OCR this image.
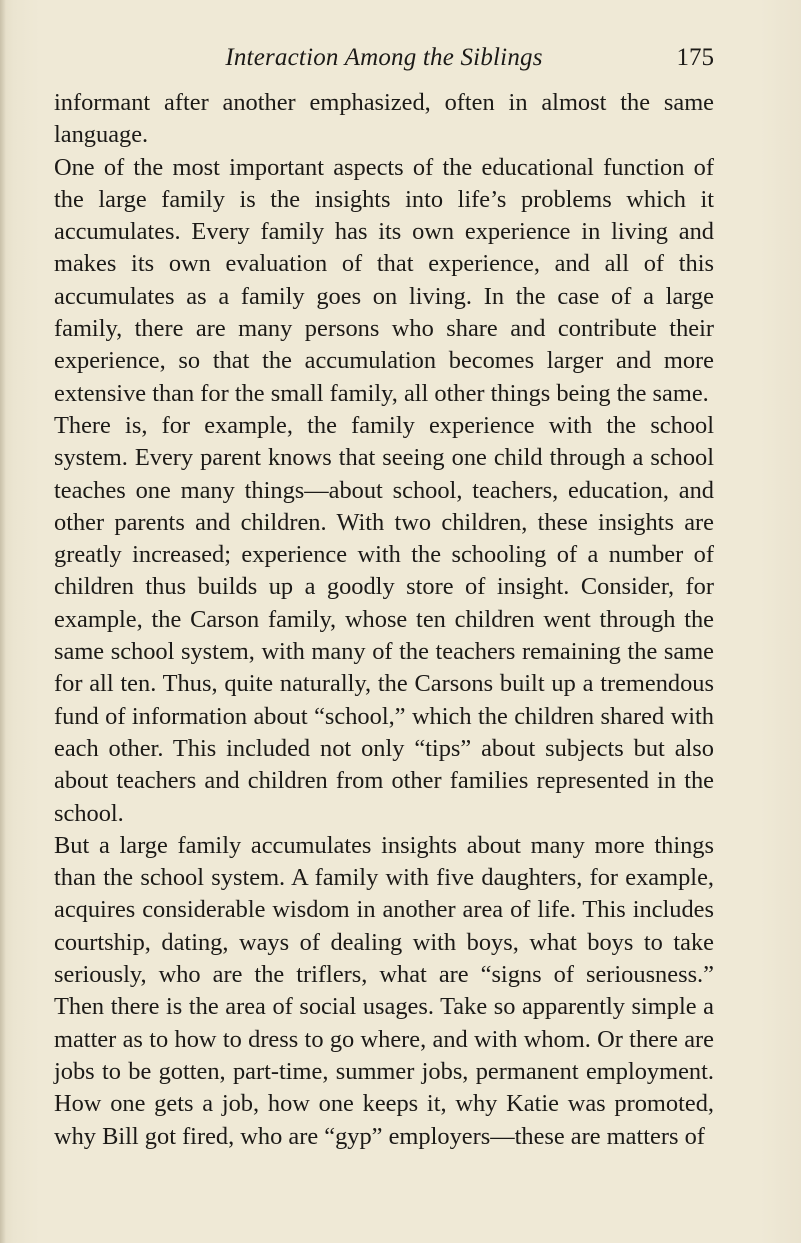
Interaction Among the Siblings	175

informant after another emphasized, often in almost the same language.

One of the most important aspects of the educational function of the large family is the insights into life’s problems which it accumulates. Every family has its own experience in living and makes its own evaluation of that experience, and all of this accumulates as a family goes on living. In the case of a large family, there are many persons who share and contribute their experience, so that the accumulation becomes larger and more extensive than for the small family, all other things being the same.

There is, for example, the family experience with the school system. Every parent knows that seeing one child through a school teaches one many things—about school, teachers, education, and other parents and children. With two children, these insights are greatly increased; experience with the schooling of a number of children thus builds up a goodly store of insight. Consider, for example, the Carson family, whose ten children went through the same school system, with many of the teachers remaining the same for all ten. Thus, quite naturally, the Carsons built up a tremendous fund of information about “school,” which the children shared with each other. This included not only “tips” about subjects but also about teachers and children from other families represented in the school.

But a large family accumulates insights about many more things than the school system. A family with five daughters, for example, acquires considerable wisdom in another area of life. This includes courtship, dating, ways of dealing with boys, what boys to take seriously, who are the triflers, what are “signs of seriousness.” Then there is the area of social usages. Take so apparently simple a matter as to how to dress to go where, and with whom. Or there are jobs to be gotten, part-time, summer jobs, permanent employment. How one gets a job, how one keeps it, why Katie was promoted, why Bill got fired, who are “gyp” employers—these are matters of
